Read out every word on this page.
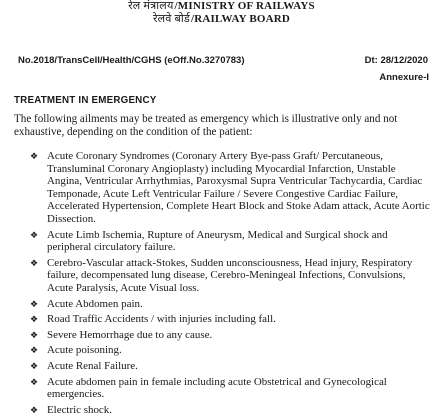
रेल मंत्रालय/MINISTRY OF RAILWAYS
रेलवे बोर्ड/RAILWAY BOARD
No.2018/TransCell/Health/CGHS (eOff.No.3270783)	Dt: 28/12/2020
Annexure-I
TREATMENT IN EMERGENCY
The following ailments may be treated as emergency which is illustrative only and not exhaustive, depending on the condition of the patient:
❖ Acute Coronary Syndromes (Coronary Artery Bye-pass Graft/ Percutaneous, Transluminal Coronary Angioplasty) including Myocardial Infarction, Unstable Angina, Ventricular Arrhythmias, Paroxysmal Supra Ventricular Tachycardia, Cardiac Temponade, Acute Left Ventricular Failure / Severe Congestive Cardiac Failure, Accelerated Hypertension, Complete Heart Block and Stoke Adam attack, Acute Aortic Dissection.
❖ Acute Limb Ischemia, Rupture of Aneurysm, Medical and Surgical shock and peripheral circulatory failure.
❖ Cerebro-Vascular attack-Stokes, Sudden unconsciousness, Head injury, Respiratory failure, decompensated lung disease, Cerebro-Meningeal Infections, Convulsions, Acute Paralysis, Acute Visual loss.
❖ Acute Abdomen pain.
❖ Road Traffic Accidents / with injuries including fall.
❖ Severe Hemorrhage due to any cause.
❖ Acute poisoning.
❖ Acute Renal Failure.
❖ Acute abdomen pain in female including acute Obstetrical and Gynecological emergencies.
❖ Electric shock.
